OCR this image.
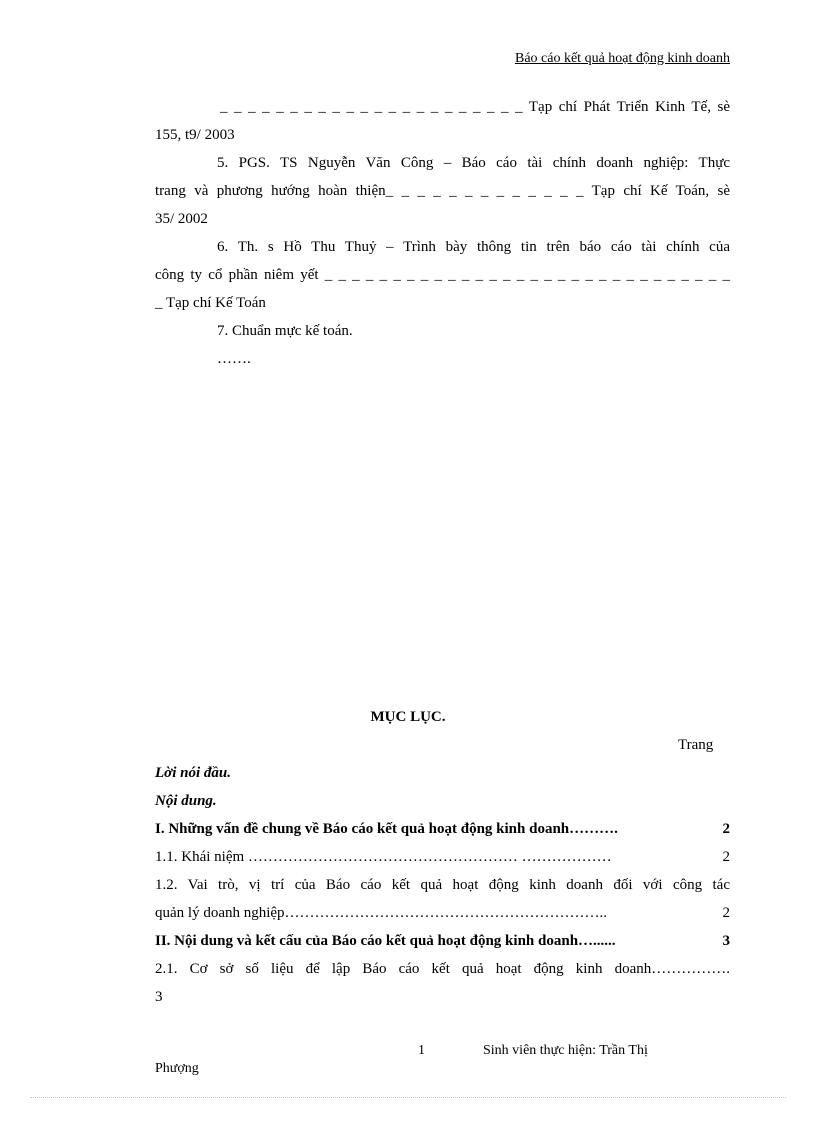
Báo cáo kết quả hoạt động kinh doanh
_ _ _ _ _ _ _ _ _ _ _ _ _ _ _ _ _ _ _ _ _ _ Tạp chí Phát Triển Kinh Tế, sè
155, t9/ 2003
5. PGS. TS Nguyễn Văn Công – Báo cáo tài chính doanh nghiệp: Thực
trang và phương hướng hoàn thiện_ _ _ _ _ _ _ _ _ _ _ _ _ Tạp chí Kế Toán, sè
35/ 2002
6. Th. s Hồ Thu Thuỷ – Trình bày thông tin trên báo cáo tài chính của
công ty cổ phần niêm yết _ _ _ _ _ _ _ _ _ _ _ _ _ _ _ _ _ _ _ _ _ _ _ _ _ _ _ _ _ _
_ Tạp chí Kế Toán
7. Chuẩn mực kế toán.
…….
MỤC LỤC.
Trang
Lời nói đầu.
Nội dung.
I. Những vấn đề chung về Báo cáo kết quả hoạt động kinh doanh……….	2
1.1. Khái niệm ……………………………………………… ………………	2
1.2. Vai trò, vị trí của Báo cáo kết quả hoạt động kinh doanh đối với công tác
quản lý doanh nghiệp………………………………………………………..	2
II. Nội dung và kết cấu của Báo cáo kết quả hoạt động kinh doanh…......	3
2.1. Cơ sở số liệu để lập Báo cáo kết quả hoạt động kinh doanh…………….
3
1	Sinh viên thực hiện: Trần Thị
Phượng
